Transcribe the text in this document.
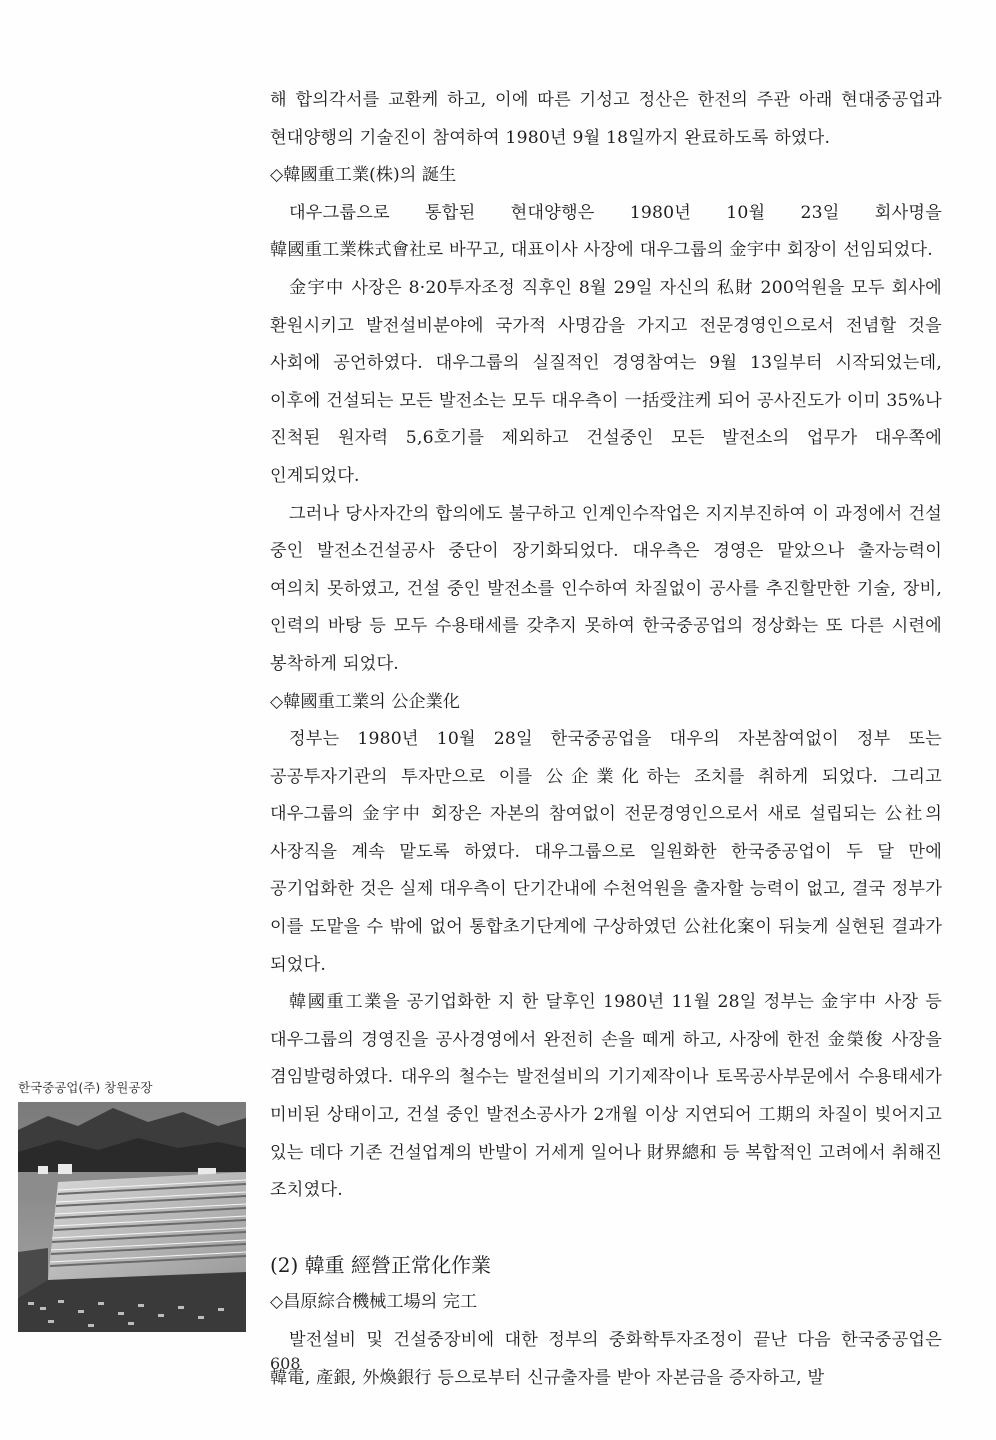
해 합의각서를 교환케 하고, 이에 따른 기성고 정산은 한전의 주관 아래 현대중공업과 현대양행의 기술진이 참여하여 1980년 9월 18일까지 완료하도록 하였다.

◇韓國重工業(株)의 誕生

대우그룹으로 통합된 현대양행은 1980년 10월 23일 회사명을 韓國重工業株式會社로 바꾸고, 대표이사 사장에 대우그룹의 金宇中 회장이 선임되었다.

金宇中 사장은 8·20투자조정 직후인 8월 29일 자신의 私財 200억원을 모두 회사에 환원시키고 발전설비분야에 국가적 사명감을 가지고 전문경영인으로서 전념할 것을 사회에 공언하였다. 대우그룹의 실질적인 경영참여는 9월 13일부터 시작되었는데, 이후에 건설되는 모든 발전소는 모두 대우측이 一括受注케 되어 공사진도가 이미 35%나 진척된 원자력 5,6호기를 제외하고 건설중인 모든 발전소의 업무가 대우쪽에 인계되었다.

그러나 당사자간의 합의에도 불구하고 인계인수작업은 지지부진하여 이 과정에서 건설 중인 발전소건설공사 중단이 장기화되었다. 대우측은 경영은 맡았으나 출자능력이 여의치 못하였고, 건설 중인 발전소를 인수하여 차질없이 공사를 추진할만한 기술, 장비, 인력의 바탕 등 모두 수용태세를 갖추지 못하여 한국중공업의 정상화는 또 다른 시련에 봉착하게 되었다.

◇韓國重工業의 公企業化

정부는 1980년 10월 28일 한국중공업을 대우의 자본참여없이 정부 또는 공공투자기관의 투자만으로 이를 公企業化하는 조치를 취하게 되었다. 그리고 대우그룹의 金宇中 회장은 자본의 참여없이 전문경영인으로서 새로 설립되는 公社의 사장직을 계속 맡도록 하였다. 대우그룹으로 일원화한 한국중공업이 두 달 만에 공기업화한 것은 실제 대우측이 단기간내에 수천억원을 출자할 능력이 없고, 결국 정부가 이를 도맡을 수 밖에 없어 통합초기단계에 구상하였던 公社化案이 뒤늦게 실현된 결과가 되었다.

韓國重工業을 공기업화한 지 한 달후인 1980년 11월 28일 정부는 金宇中 사장 등 대우그룹의 경영진을 공사경영에서 완전히 손을 떼게 하고, 사장에 한전 金榮俊 사장을 겸임발령하였다. 대우의 철수는 발전설비의 기기제작이나 토목공사부문에서 수용태세가 미비된 상태이고, 건설 중인 발전소공사가 2개월 이상 지연되어 工期의 차질이 빚어지고 있는 데다 기존 건설업계의 반발이 거세게 일어나 財界總和 등 복합적인 고려에서 취해진 조치였다.

(2) 韓重 經營正常化作業
◇昌原綜合機械工場의 完工

발전설비 및 건설중장비에 대한 정부의 중화학투자조정이 끝난 다음 한국중공업은 韓電, 產銀, 外煥銀行 등으로부터 신규출자를 받아 자본금을 증자하고, 발

한국중공업(주) 창원공장
608
